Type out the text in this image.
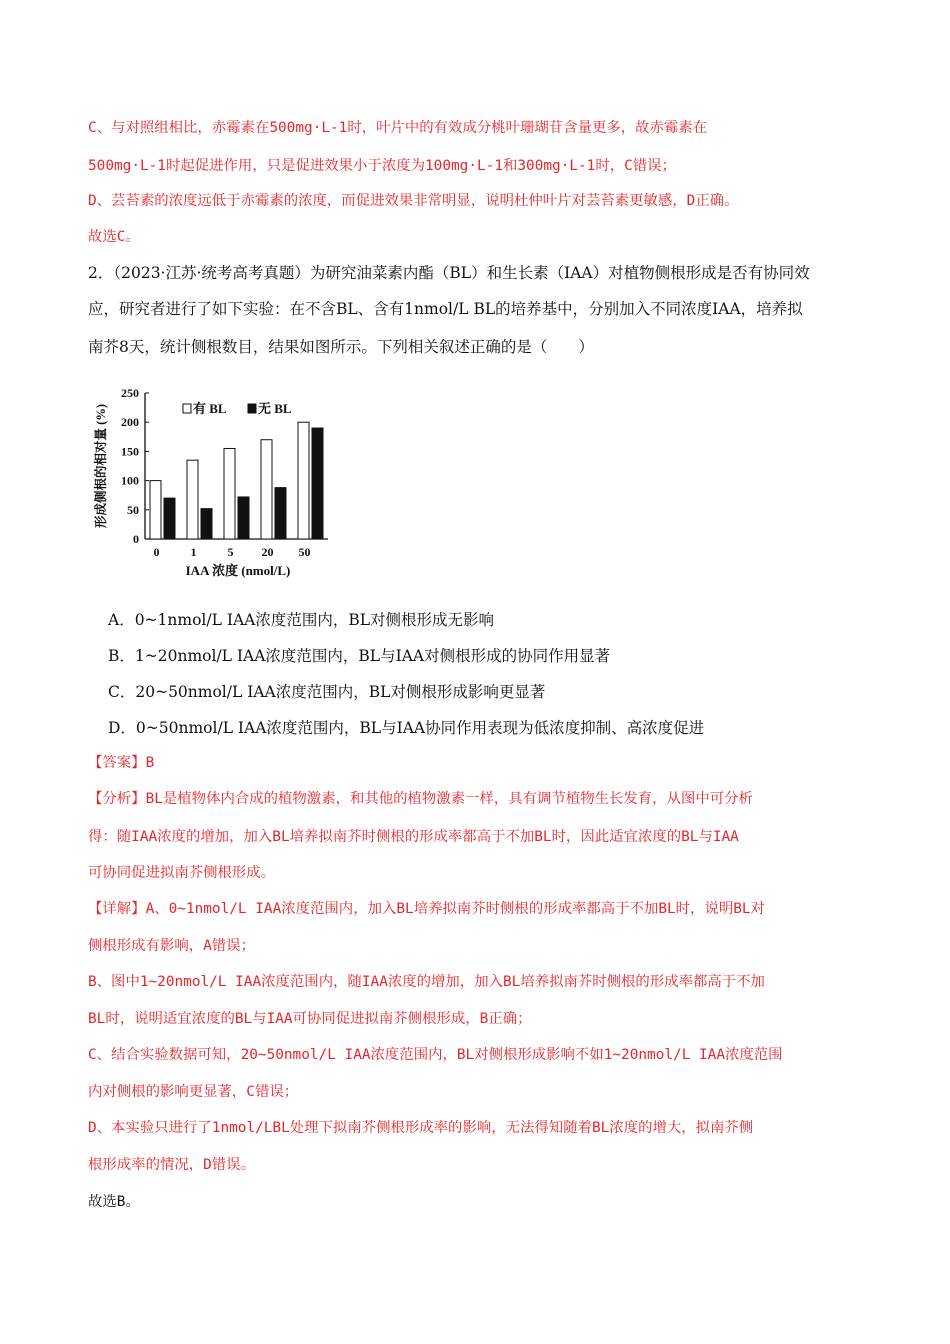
C、与对照组相比，赤霉素在500mg·L-1时，叶片中的有效成分桃叶珊瑚苷含量更多，故赤霉素在
500mg·L-1时起促进作用，只是促进效果小于浓度为100mg·L-1和300mg·L-1时，C错误；
D、芸苔素的浓度远低于赤霉素的浓度，而促进效果非常明显，说明杜仲叶片对芸苔素更敏感，D正确。
故选C。
2．（2023·江苏·统考高考真题）为研究油菜素内酯（BL）和生长素（IAA）对植物侧根形成是否有协同效
应，研究者进行了如下实验：在不含BL、含有1nmol/L BL的培养基中，分别加入不同浓度IAA，培养拟
南芥8天，统计侧根数目，结果如图所示。下列相关叙述正确的是（　　）
0
50
100
150
200
250
0	1	5 20 50
IAA 浓度 (nmol/L)
形成侧根的相对量 (%)	有 BL 无 BL
A．0~1nmol/L IAA浓度范围内，BL对侧根形成无影响
B．1~20nmol/L IAA浓度范围内，BL与IAA对侧根形成的协同作用显著
C．20~50nmol/L IAA浓度范围内，BL对侧根形成影响更显著
D．0~50nmol/L IAA浓度范围内，BL与IAA协同作用表现为低浓度抑制、高浓度促进
【答案】B
【分析】BL是植物体内合成的植物激素，和其他的植物激素一样，具有调节植物生长发育，从图中可分析
得：随IAA浓度的增加，加入BL培养拟南芥时侧根的形成率都高于不加BL时，因此适宜浓度的BL与IAA
可协同促进拟南芥侧根形成。
【详解】A、0~1nmol/L IAA浓度范围内，加入BL培养拟南芥时侧根的形成率都高于不加BL时，说明BL对
侧根形成有影响，A错误；
B、图中1~20nmol/L IAA浓度范围内，随IAA浓度的增加，加入BL培养拟南芥时侧根的形成率都高于不加
BL时，说明适宜浓度的BL与IAA可协同促进拟南芥侧根形成，B正确；
C、结合实验数据可知，20~50nmol/L IAA浓度范围内，BL对侧根形成影响不如1~20nmol/L IAA浓度范围
内对侧根的影响更显著，C错误；
D、本实验只进行了1nmol/LBL处理下拟南芥侧根形成率的影响，无法得知随着BL浓度的增大，拟南芥侧
根形成率的情况，D错误。
故选B。
